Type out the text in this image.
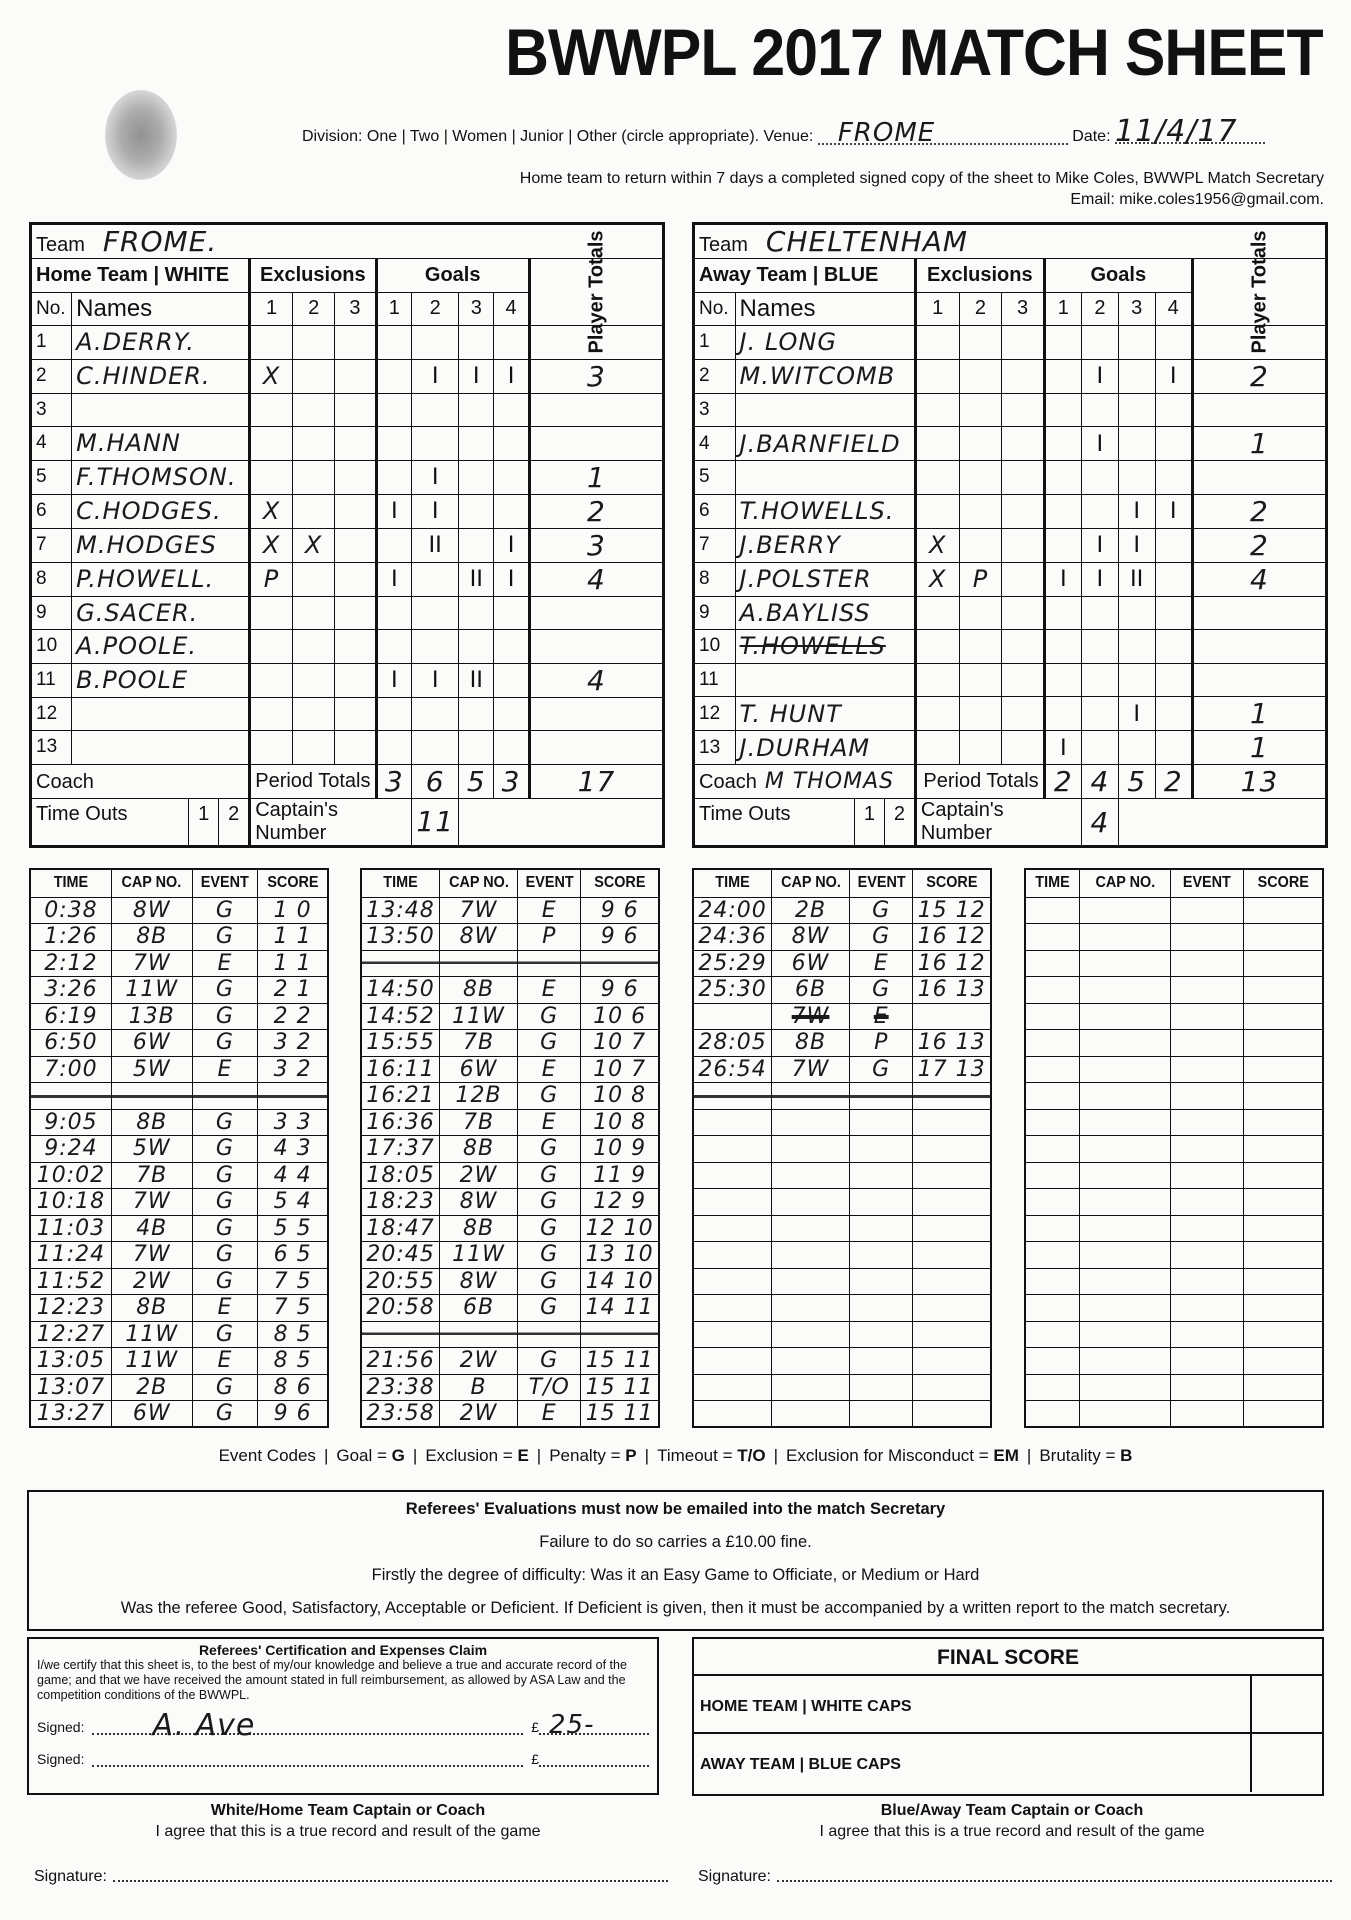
BWWPL 2017 MATCH SHEET
Division: One | Two | Women | Junior | Other (circle appropriate). Venue: FROME	Date: 11/4/17
Home team to return within 7 days a completed signed copy of the sheet to Mike Coles, BWWPL Match Secretary
Email: mike.coles1956@gmail.com.
Team FROME.									
Home Team | WHITE		Exclusions			Goals				Player Totals
No.	Names	1	2	3	1	2	3	4	
1	A.DERRY.								
2	C.HINDER.	X				I	I	I	3
3									
4	M.HANN								
5	F.THOMSON.					I			1
6	C.HODGES.	X			I	I			2
7	M.HODGES	X	X			II		I	3
8	P.HOWELL.	P			I		II	I	4
9	G.SACER.								
10	A.POOLE.								
11	B.POOLE				I	I	II		4
12									
13									
Coach		Period Totals			3	6	5	3	17

Time Outs 1 2		Captain's Number				11			
Team CHELTENHAM									
Away Team | BLUE		Exclusions			Goals				Player Totals
No.	Names	1	2	3	1	2	3	4	
1	J. LONG								
2	M.WITCOMB					I		I	2
3									
4	J.BARNFIELD					I			1
5									
6	T.HOWELLS.						I	I	2
7	J.BERRY	X				I	I		2
8	J.POLSTER	X	P		I	I	II		4
9	A.BAYLISS								
10	T.HOWELLS								
11									
12	T. HUNT						I		1
13	J.DURHAM				I				1
Coach M THOMAS		Period Totals			2	4	5	2	13

Time Outs 1 2		Captain's Number				4			
TIME	CAP NO.	EVENT	SCORE
0:38	8W	G	1 0
1:26	8B	G	1 1
2:12	7W	E	1 1
3:26	11W	G	2 1
6:19	13B	G	2 2
6:50	6W	G	3 2
7:00	5W	E	3 2

9:05	8B	G	3 3
9:24	5W	G	4 3
10:02	7B	G	4 4
10:18	7W	G	5 4
11:03	4B	G	5 5
11:24	7W	G	6 5
11:52	2W	G	7 5
12:23	8B	E	7 5
12:27	11W	G	8 5
13:05	11W	E	8 5
13:07	2B	G	8 6
13:27	6W	G	9 6
TIME	CAP NO.	EVENT	SCORE
13:48	7W	E	9 6
13:50	8W	P	9 6

14:50	8B	E	9 6
14:52	11W	G	10 6
15:55	7B	G	10 7
16:11	6W	E	10 7
16:21	12B	G	10 8
16:36	7B	E	10 8
17:37	8B	G	10 9
18:05	2W	G	11 9
18:23	8W	G	12 9
18:47	8B	G	12 10
20:45	11W	G	13 10
20:55	8W	G	14 10
20:58	6B	G	14 11

21:56	2W	G	15 11
23:38	B	T/O	15 11
23:58	2W	E	15 11
TIME	CAP NO.	EVENT	SCORE
24:00	2B	G	15 12
24:36	8W	G	16 12
25:29	6W	E	16 12
25:30	6B	G	16 13
	7W	E	
28:05	8B	P	16 13
26:54	7W	G	17 13

TIME	CAP NO.	EVENT	SCORE

Event Codes | Goal = G | Exclusion = E | Penalty = P | Timeout = T/O | Exclusion for Misconduct = EM | Brutality = B
Referees' Evaluations must now be emailed into the match Secretary

Failure to do so carries a £10.00 fine.

Firstly the degree of difficulty: Was it an Easy Game to Officiate, or Medium or Hard

Was the referee Good, Satisfactory, Acceptable or Deficient. If Deficient is given, then it must be accompanied by a written report to the match secretary.

Referees' Certification and Expenses Claim
I/we certify that this sheet is, to the best of my/our knowledge and believe a true and accurate record of the game; and that we have received the amount stated in full reimbursement, as allowed by ASA Law and the competition conditions of the BWWPL.
Signed: A. Ave	£ 25-
Signed:	£
FINAL SCORE
HOME TEAM | WHITE CAPS
AWAY TEAM | BLUE CAPS
White/Home Team Captain or Coach
I agree that this is a true record and result of the game
Signature:
Blue/Away Team Captain or Coach
I agree that this is a true record and result of the game
Signature:
